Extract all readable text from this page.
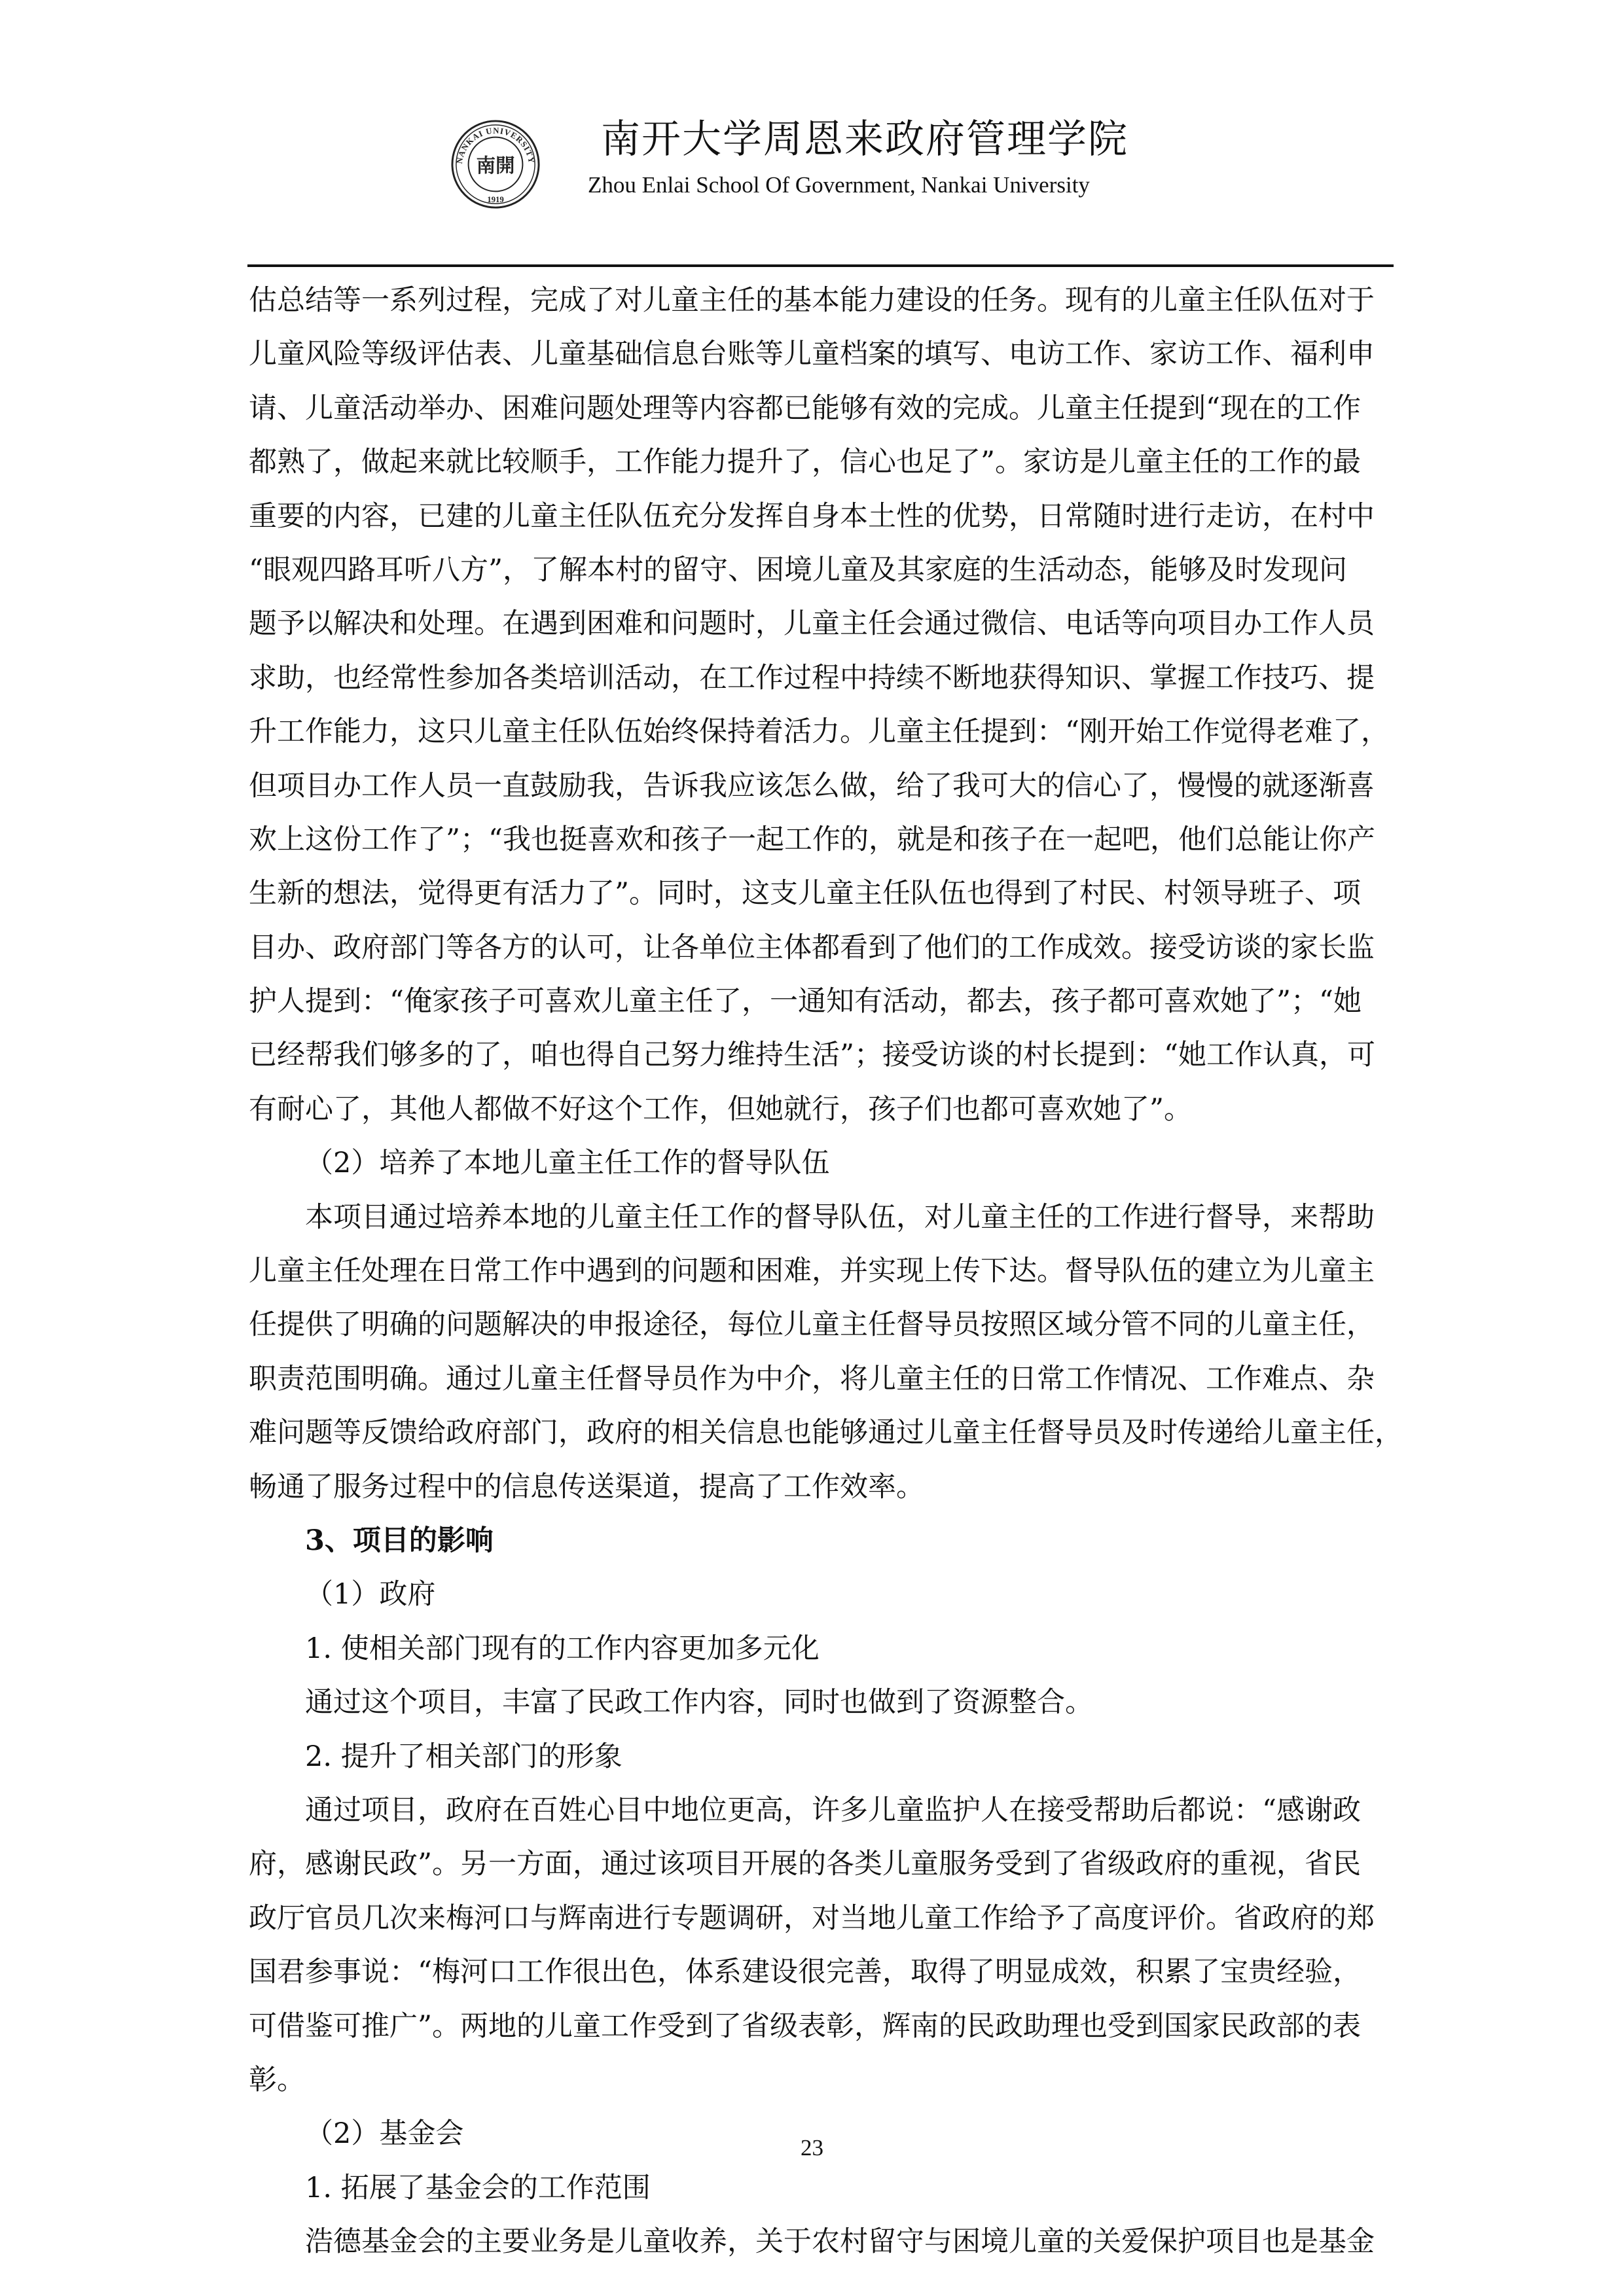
NANKAI UNIVERSITY
南開
1919
南开大学周恩来政府管理学院
Zhou Enlai School Of Government, Nankai University
估总结等一系列过程，完成了对儿童主任的基本能力建设的任务。现有的儿童主任队伍对于
儿童风险等级评估表、儿童基础信息台账等儿童档案的填写、电访工作、家访工作、福利申
请、儿童活动举办、困难问题处理等内容都已能够有效的完成。儿童主任提到“现在的工作
都熟了，做起来就比较顺手，工作能力提升了，信心也足了”。家访是儿童主任的工作的最
重要的内容，已建的儿童主任队伍充分发挥自身本土性的优势，日常随时进行走访，在村中
“眼观四路耳听八方”，了解本村的留守、困境儿童及其家庭的生活动态，能够及时发现问
题予以解决和处理。在遇到困难和问题时，儿童主任会通过微信、电话等向项目办工作人员
求助，也经常性参加各类培训活动，在工作过程中持续不断地获得知识、掌握工作技巧、提
升工作能力，这只儿童主任队伍始终保持着活力。儿童主任提到：“刚开始工作觉得老难了，
但项目办工作人员一直鼓励我，告诉我应该怎么做，给了我可大的信心了，慢慢的就逐渐喜
欢上这份工作了”；“我也挺喜欢和孩子一起工作的，就是和孩子在一起吧，他们总能让你产
生新的想法，觉得更有活力了”。同时，这支儿童主任队伍也得到了村民、村领导班子、项
目办、政府部门等各方的认可，让各单位主体都看到了他们的工作成效。接受访谈的家长监
护人提到：“俺家孩子可喜欢儿童主任了，一通知有活动，都去，孩子都可喜欢她了”；“她
已经帮我们够多的了，咱也得自己努力维持生活”；接受访谈的村长提到：“她工作认真，可
有耐心了，其他人都做不好这个工作，但她就行，孩子们也都可喜欢她了”。
（2）培养了本地儿童主任工作的督导队伍
本项目通过培养本地的儿童主任工作的督导队伍，对儿童主任的工作进行督导，来帮助
儿童主任处理在日常工作中遇到的问题和困难，并实现上传下达。督导队伍的建立为儿童主
任提供了明确的问题解决的申报途径，每位儿童主任督导员按照区域分管不同的儿童主任，
职责范围明确。通过儿童主任督导员作为中介，将儿童主任的日常工作情况、工作难点、杂
难问题等反馈给政府部门，政府的相关信息也能够通过儿童主任督导员及时传递给儿童主任，
畅通了服务过程中的信息传送渠道，提高了工作效率。
3、项目的影响
（1）政府
1. 使相关部门现有的工作内容更加多元化
通过这个项目，丰富了民政工作内容，同时也做到了资源整合。
2. 提升了相关部门的形象
通过项目，政府在百姓心目中地位更高，许多儿童监护人在接受帮助后都说：“感谢政
府，感谢民政”。另一方面，通过该项目开展的各类儿童服务受到了省级政府的重视，省民
政厅官员几次来梅河口与辉南进行专题调研，对当地儿童工作给予了高度评价。省政府的郑
国君参事说：“梅河口工作很出色，体系建设很完善，取得了明显成效，积累了宝贵经验，
可借鉴可推广”。两地的儿童工作受到了省级表彰，辉南的民政助理也受到国家民政部的表
彰。
（2）基金会
1. 拓展了基金会的工作范围
浩德基金会的主要业务是儿童收养，关于农村留守与困境儿童的关爱保护项目也是基金
23
